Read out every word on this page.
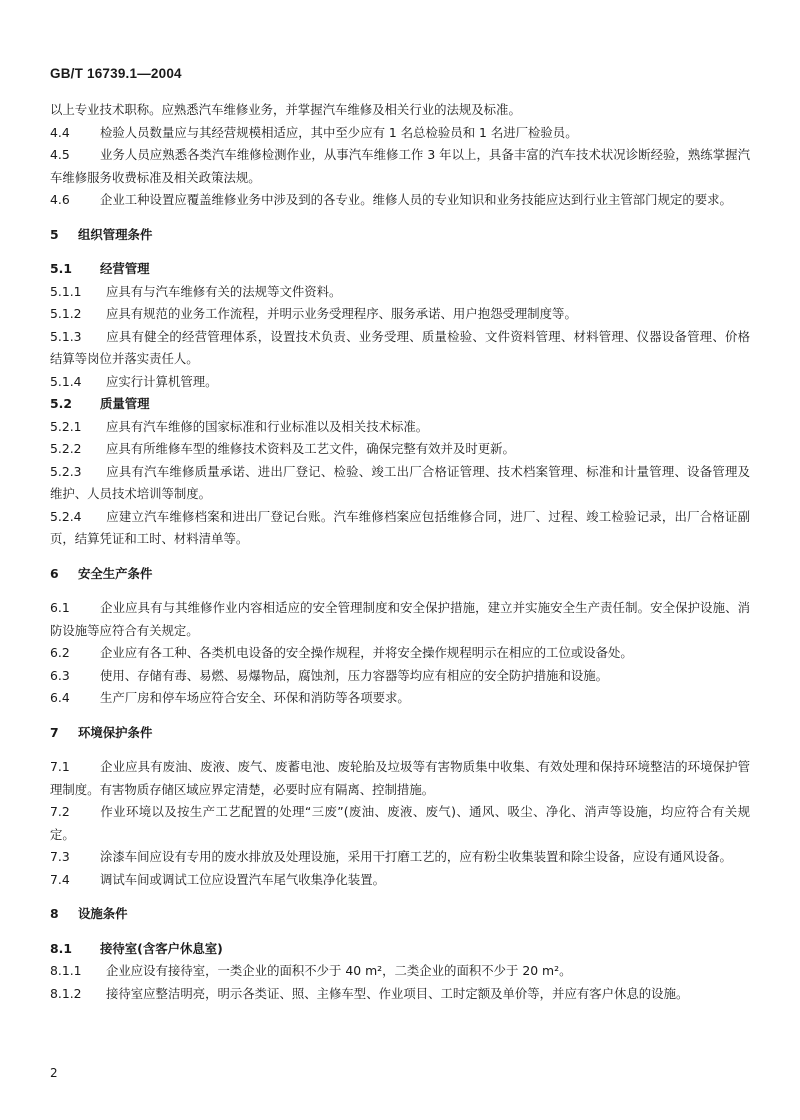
GB/T 16739.1—2004

以上专业技术职称。应熟悉汽车维修业务，并掌握汽车维修及相关行业的法规及标准。

4.4 检验人员数量应与其经营规模相适应，其中至少应有 1 名总检验员和 1 名进厂检验员。

4.5 业务人员应熟悉各类汽车维修检测作业，从事汽车维修工作 3 年以上，具备丰富的汽车技术状况诊断经验，熟练掌握汽车维修服务收费标准及相关政策法规。

4.6 企业工种设置应覆盖维修业务中涉及到的各专业。维修人员的专业知识和业务技能应达到行业主管部门规定的要求。

5 组织管理条件

5.1 经营管理

5.1.1 应具有与汽车维修有关的法规等文件资料。

5.1.2 应具有规范的业务工作流程，并明示业务受理程序、服务承诺、用户抱怨受理制度等。

5.1.3 应具有健全的经营管理体系，设置技术负责、业务受理、质量检验、文件资料管理、材料管理、仪器设备管理、价格结算等岗位并落实责任人。

5.1.4 应实行计算机管理。

5.2 质量管理

5.2.1 应具有汽车维修的国家标准和行业标准以及相关技术标准。

5.2.2 应具有所维修车型的维修技术资料及工艺文件，确保完整有效并及时更新。

5.2.3 应具有汽车维修质量承诺、进出厂登记、检验、竣工出厂合格证管理、技术档案管理、标准和计量管理、设备管理及维护、人员技术培训等制度。

5.2.4 应建立汽车维修档案和进出厂登记台账。汽车维修档案应包括维修合同，进厂、过程、竣工检验记录，出厂合格证副页，结算凭证和工时、材料清单等。

6 安全生产条件

6.1 企业应具有与其维修作业内容相适应的安全管理制度和安全保护措施，建立并实施安全生产责任制。安全保护设施、消防设施等应符合有关规定。

6.2 企业应有各工种、各类机电设备的安全操作规程，并将安全操作规程明示在相应的工位或设备处。

6.3 使用、存储有毒、易燃、易爆物品，腐蚀剂，压力容器等均应有相应的安全防护措施和设施。

6.4 生产厂房和停车场应符合安全、环保和消防等各项要求。

7 环境保护条件

7.1 企业应具有废油、废液、废气、废蓄电池、废轮胎及垃圾等有害物质集中收集、有效处理和保持环境整洁的环境保护管理制度。有害物质存储区域应界定清楚，必要时应有隔离、控制措施。

7.2 作业环境以及按生产工艺配置的处理“三废”(废油、废液、废气)、通风、吸尘、净化、消声等设施，均应符合有关规定。

7.3 涂漆车间应设有专用的废水排放及处理设施，采用干打磨工艺的，应有粉尘收集装置和除尘设备，应设有通风设备。

7.4 调试车间或调试工位应设置汽车尾气收集净化装置。

8 设施条件

8.1 接待室(含客户休息室)

8.1.1 企业应设有接待室，一类企业的面积不少于 40 m²，二类企业的面积不少于 20 m²。

8.1.2 接待室应整洁明亮，明示各类证、照、主修车型、作业项目、工时定额及单价等，并应有客户休息的设施。

2
